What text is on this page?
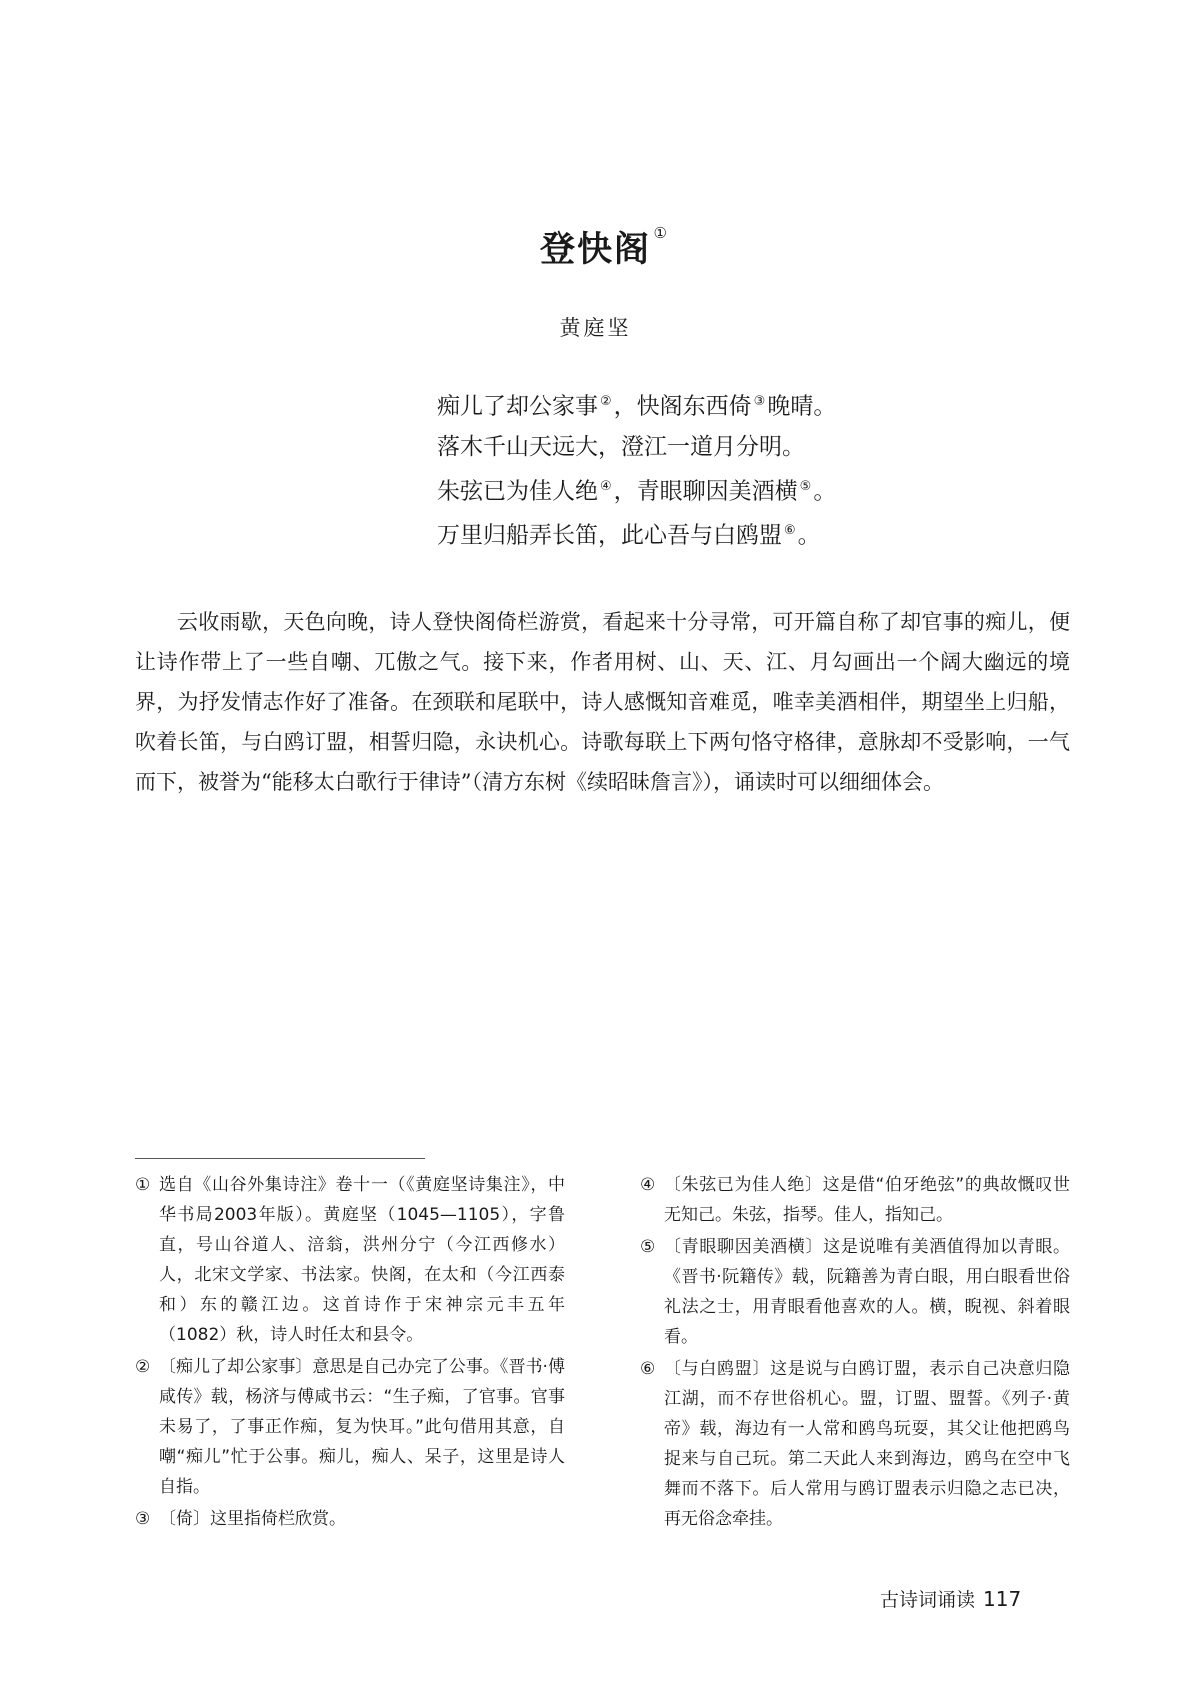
登快阁 ①
黄庭坚
痴儿了却公家事 ②，快阁东西倚 ③晚晴。
落木千山天远大，澄江一道月分明。
朱弦已为佳人绝 ④，青眼聊因美酒横 ⑤。
万里归船弄长笛，此心吾与白鸥盟 ⑥。

云收雨歇，天色向晚，诗人登快阁倚栏游赏，看起来十分寻常，可开篇自称了却官事的痴儿，便让诗作带上了一些自嘲、兀傲之气。接下来，作者用树、山、天、江、月勾画出一个阔大幽远的境界，为抒发情志作好了准备。在颈联和尾联中，诗人感慨知音难觅，唯幸美酒相伴，期望坐上归船，吹着长笛，与白鸥订盟，相誓归隐，永诀机心。诗歌每联上下两句恪守格律，意脉却不受影响，一气而下，被誉为“能移太白歌行于律诗”（清方东树《续昭昧詹言》），诵读时可以细细体会。

① 选自《山谷外集诗注》卷十一（《黄庭坚诗集注》，中华书局2003年版）。黄庭坚（1045—1105），字鲁直，号山谷道人、涪翁，洪州分宁（今江西修水）人，北宋文学家、书法家。快阁，在太和（今江西泰和）东的赣江边。这首诗作于宋神宗元丰五年（1082）秋，诗人时任太和县令。
② 〔痴儿了却公家事〕意思是自己办完了公事。《晋书·傅咸传》载，杨济与傅咸书云：“生子痴，了官事。官事未易了，了事正作痴，复为快耳。”此句借用其意，自嘲“痴儿”忙于公事。痴儿，痴人、呆子，这里是诗人自指。
③ 〔倚〕这里指倚栏欣赏。
④ 〔朱弦已为佳人绝〕这是借“伯牙绝弦”的典故慨叹世无知己。朱弦，指琴。佳人，指知己。
⑤ 〔青眼聊因美酒横〕这是说唯有美酒值得加以青眼。《晋书·阮籍传》载，阮籍善为青白眼，用白眼看世俗礼法之士，用青眼看他喜欢的人。横，睨视、斜着眼看。
⑥ 〔与白鸥盟〕这是说与白鸥订盟，表示自己决意归隐江湖，而不存世俗机心。盟，订盟、盟誓。《列子·黄帝》载，海边有一人常和鸥鸟玩耍，其父让他把鸥鸟捉来与自己玩。第二天此人来到海边，鸥鸟在空中飞舞而不落下。后人常用与鸥订盟表示归隐之志已决，再无俗念牵挂。
古诗词诵读 117
